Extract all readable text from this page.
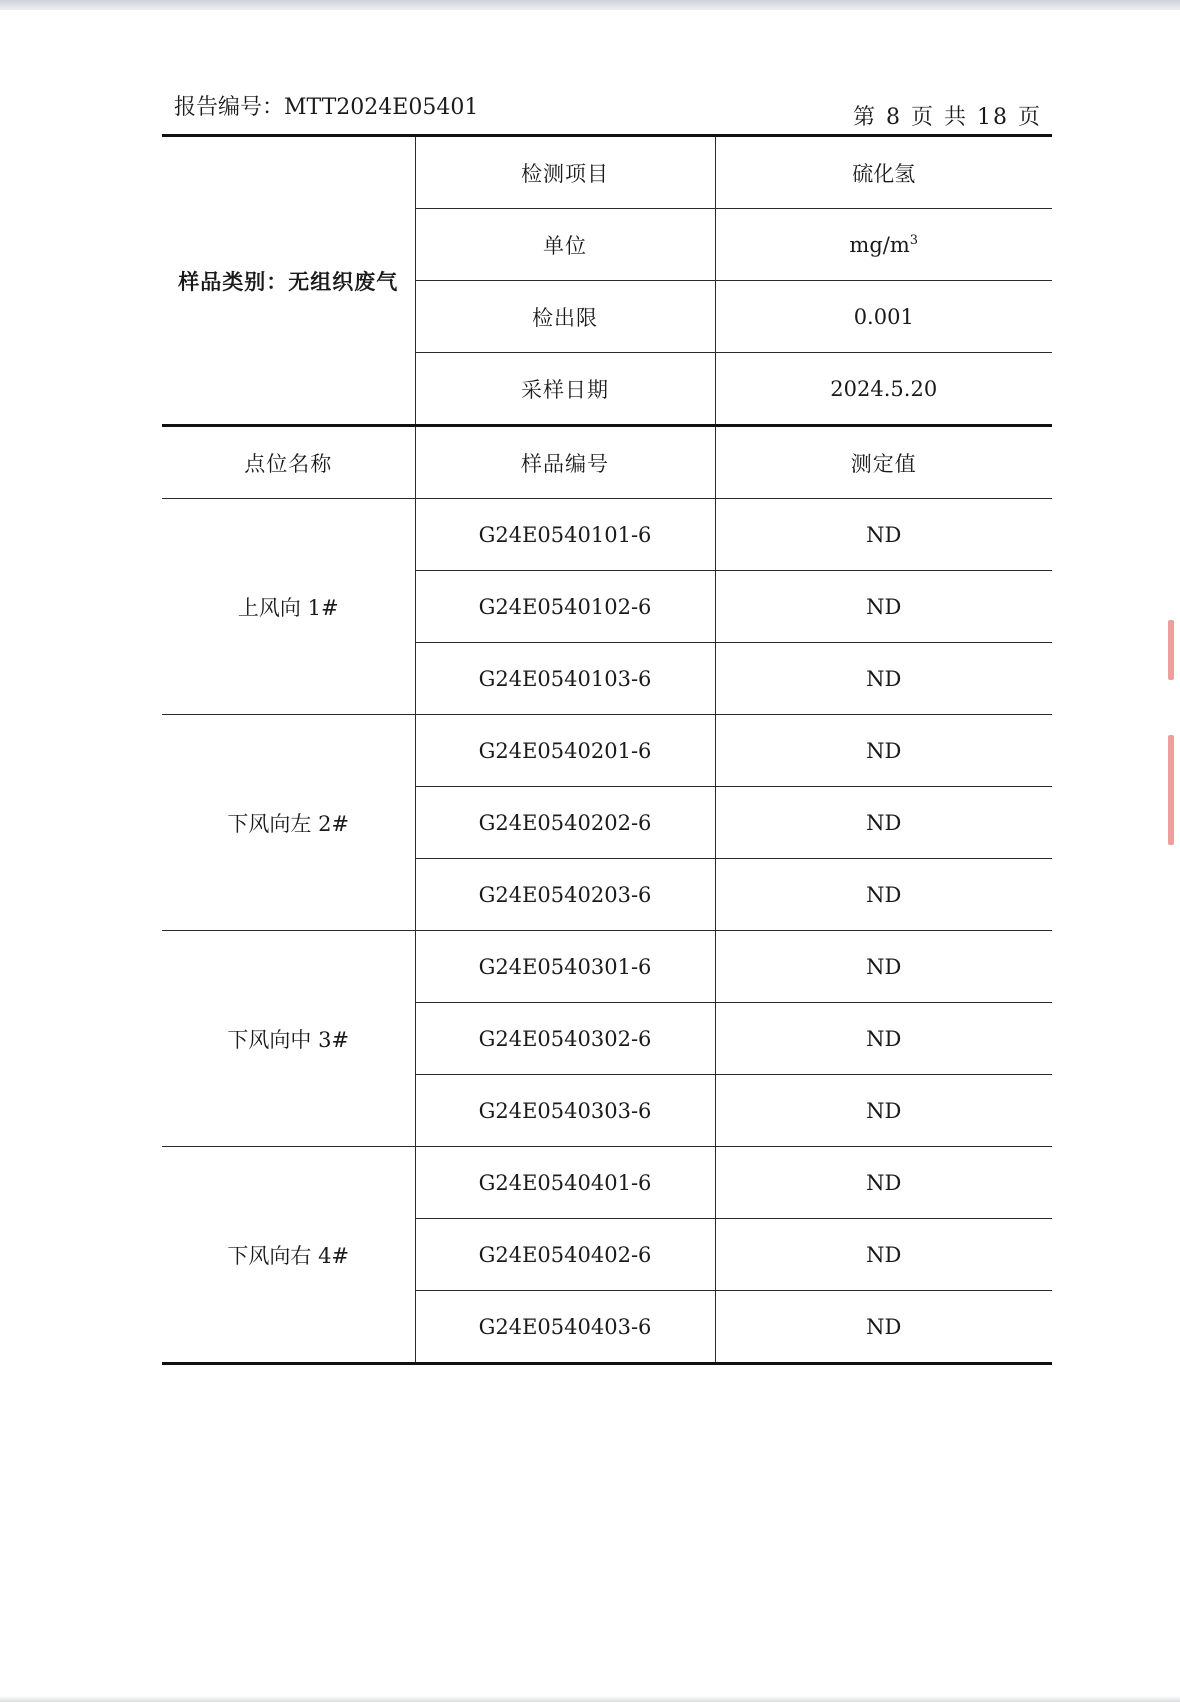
报告编号：MTT2024E05401	第 8 页 共 18 页
样品类别：无组织废气	检测项目	硫化氢
	单位	$mg/m^3$
	检出限	0.001
	采样日期	2024.5.20
点位名称	样品编号	测定值
上风向 1#	G24E0540101-6	ND
	G24E0540102-6	ND
	G24E0540103-6	ND
下风向左 2#	G24E0540201-6	ND
	G24E0540202-6	ND
	G24E0540203-6	ND
下风向中 3#	G24E0540301-6	ND
	G24E0540302-6	ND
	G24E0540303-6	ND
下风向右 4#	G24E0540401-6	ND
	G24E0540402-6	ND
	G24E0540403-6	ND
